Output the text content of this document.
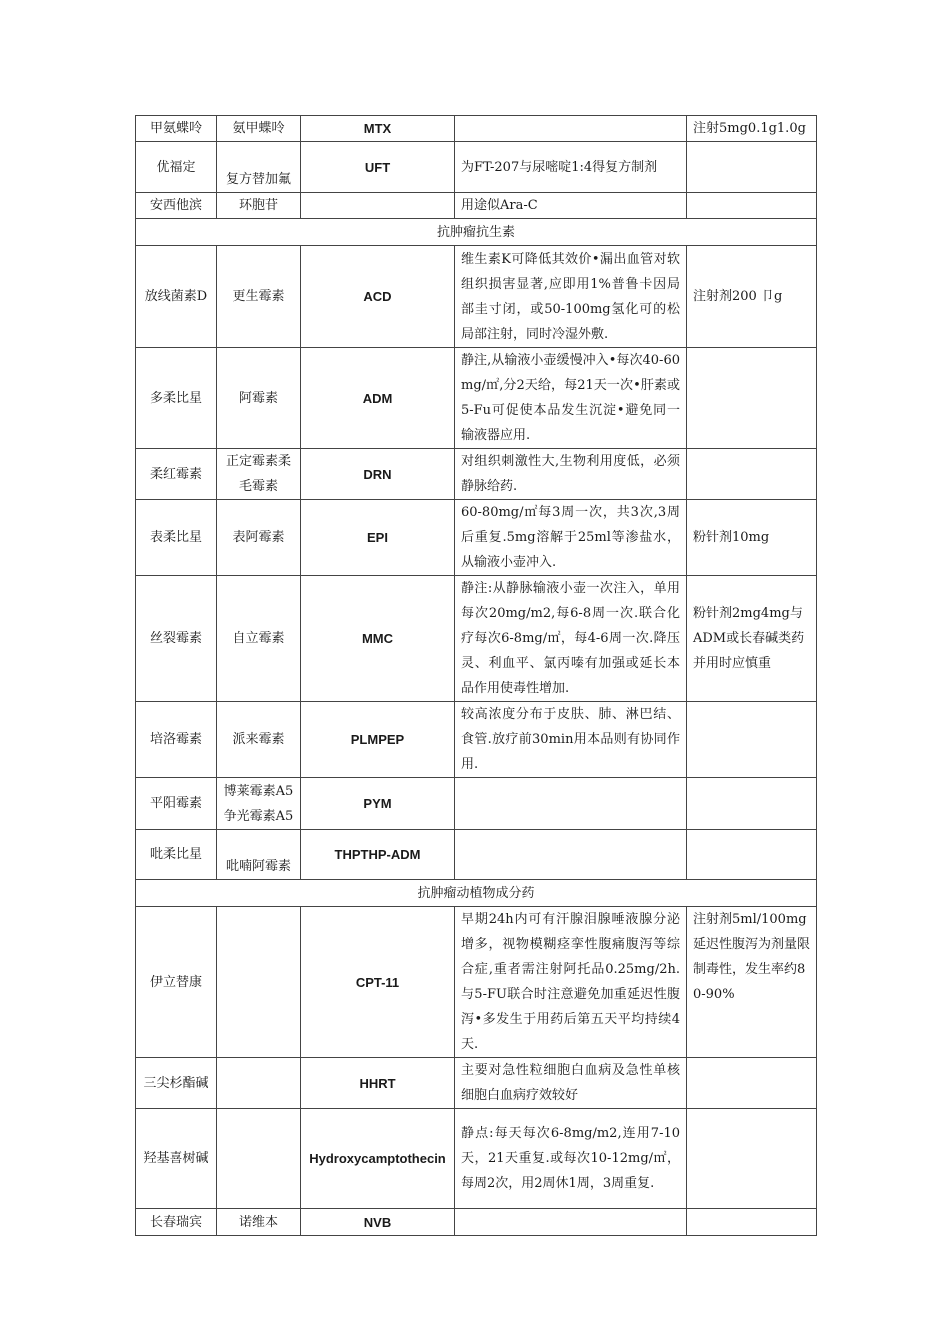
甲氨蝶呤	氨甲蝶呤	MTX		注射5mg0.1g1.0g
优福定	复方替加氟	UFT	为FT-207与尿嘧啶1:4得复方制剂	
安西他滨	环胞苷		用途似Ara-C	
抗肿瘤抗生素				
放线菌素D	更生霉素	ACD	维生素K可降低其效价•漏出血管对软组织损害显著,应即用1%普鲁卡因局部圭寸闭，或50-100mg氢化可的松局部注射，同时冷湿外敷.	注射剂200 卩g
多柔比星	阿霉素	ADM	静注,从输液小壶缓慢冲入•每次40-60mg/㎡,分2天给，每21天一次•肝素或5-Fu可促使本品发生沉淀•避免同一输液器应用.	
柔红霉素	正定霉素柔毛霉素	DRN	对组织刺激性大,生物利用度低，必须静脉给药.	
表柔比星	表阿霉素	EPI	60-80mg/㎡每3周一次，共3次,3周后重复.5mg溶解于25ml等渗盐水，从输液小壶冲入.	粉针剂10mg
丝裂霉素	自立霉素	MMC	静注:从静脉输液小壶一次注入，单用每次20mg/m2,每6-8周一次.联合化疗每次6-8mg/㎡，每4-6周一次.降压灵、利血平、氯丙嗪有加强或延长本品作用使毒性增加.	粉针剂2mg4mg与ADM或长春碱类药并用时应慎重
培洛霉素	派来霉素	PLMPEP	较高浓度分布于皮肤、肺、淋巴结、食管.放疗前30min用本品则有协同作用.	
平阳霉素	博莱霉素A5争光霉素A5	PYM		
吡柔比星	吡喃阿霉素	THPTHP-ADM		
抗肿瘤动植物成分药				
伊立替康		CPT-11	早期24h内可有汗腺泪腺唾液腺分泌增多，视物模糊痉挛性腹痛腹泻等综合症,重者需注射阿托品0.25mg/2h.与5-FU联合时注意避免加重延迟性腹泻•多发生于用药后第五天平均持续4天.	注射剂5ml/100mg延迟性腹泻为剂量限制毒性，发生率约80-90%
三尖杉酯碱		HHRT	主要对急性粒细胞白血病及急性单核细胞白血病疗效较好	
羟基喜树碱		Hydroxycamptothecin	静点:每天每次6-8mg/m2,连用7-10天，21天重复.或每次10-12mg/㎡，每周2次，用2周休1周，3周重复.	
长春瑞宾	诺维本	NVB		
